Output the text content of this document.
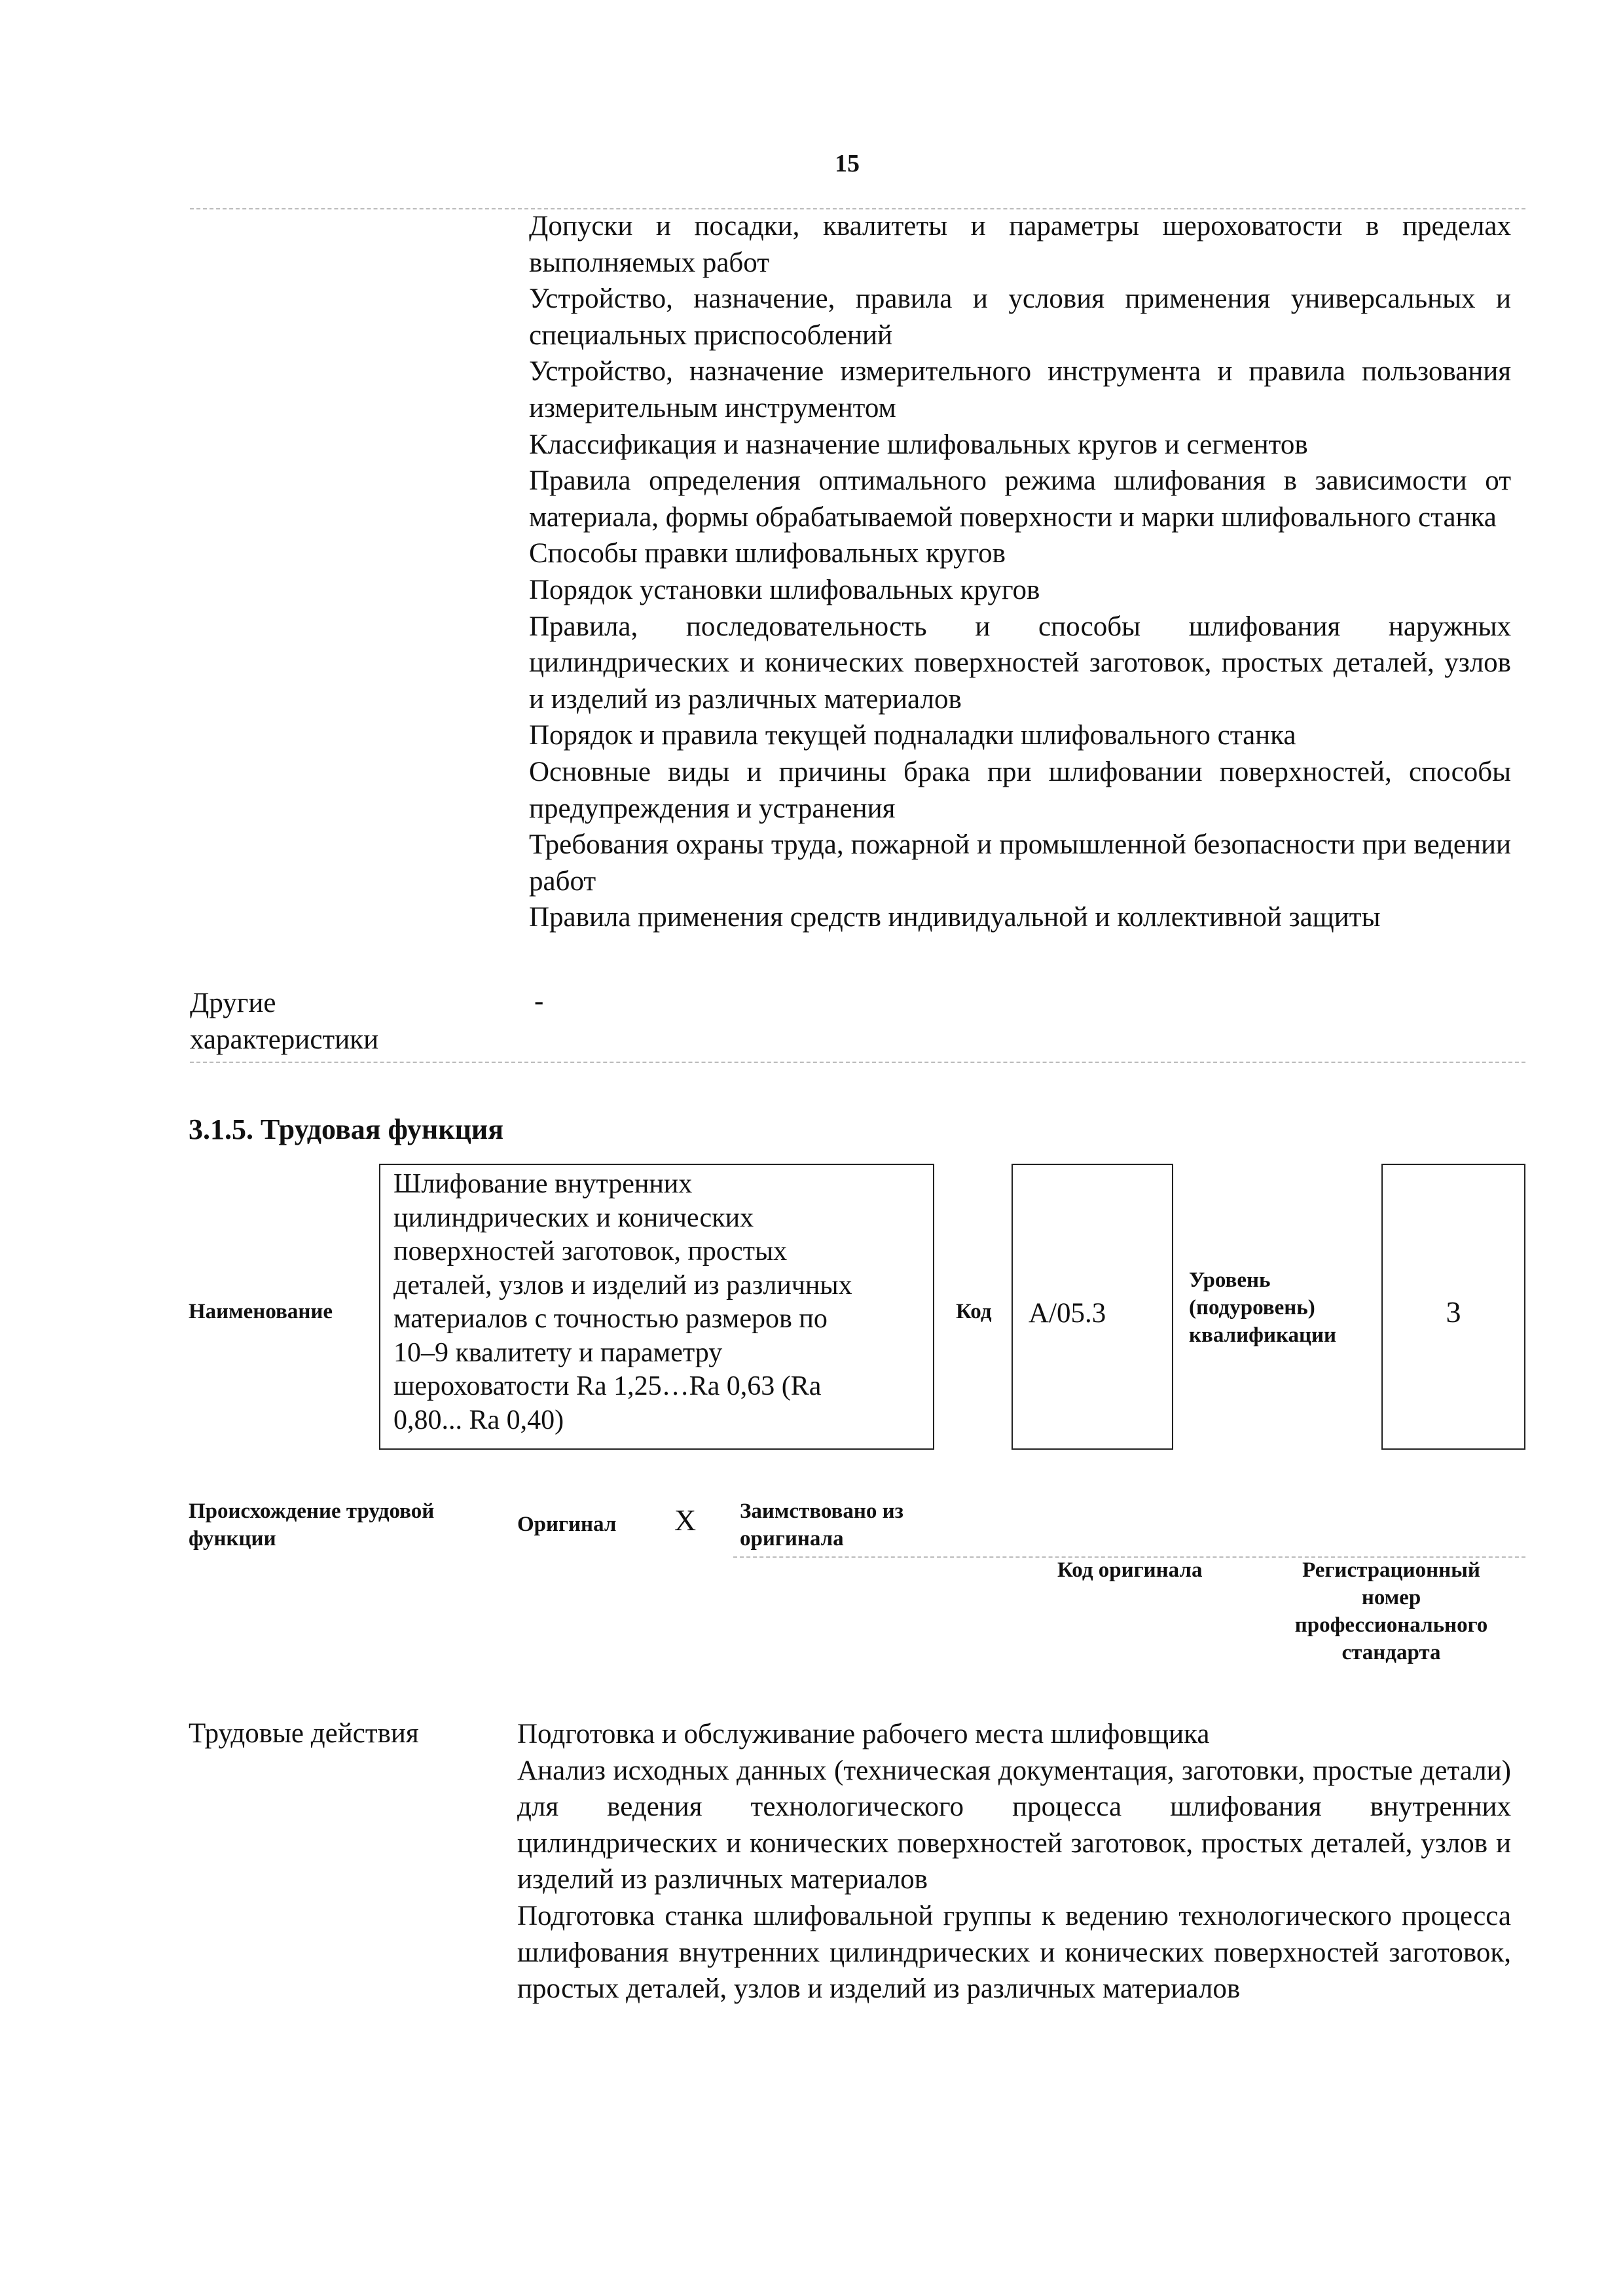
15
Допуски и посадки, квалитеты и параметры шероховатости в пределах выполняемых работ
Устройство, назначение, правила и условия применения универсальных и специальных приспособлений
Устройство, назначение измерительного инструмента и правила пользования измерительным инструментом
Классификация и назначение шлифовальных кругов и сегментов
Правила определения оптимального режима шлифования в зависимости от материала, формы обрабатываемой поверхности и марки шлифовального станка
Способы правки шлифовальных кругов
Порядок установки шлифовальных кругов
Правила, последовательность и способы шлифования наружных цилиндрических и конических поверхностей заготовок, простых деталей, узлов и изделий из различных материалов
Порядок и правила текущей подналадки шлифовального станка
Основные виды и причины брака при шлифовании поверхностей, способы предупреждения и устранения
Требования охраны труда, пожарной и промышленной безопасности при ведении работ
Правила применения средств индивидуальной и коллективной защиты
Другие
характеристики
-
3.1.5. Трудовая функция
Наименование
Шлифование внутренних
цилиндрических и конических
поверхностей заготовок, простых
деталей, узлов и изделий из различных
материалов с точностью размеров по
10–9 квалитету и параметру
шероховатости Ra 1,25…Ra 0,63 (Ra
0,80... Ra 0,40)
Код A/05.3
Уровень
(подуровень)
квалификации
3
Происхождение трудовой
функции
Оригинал X Заимствовано из
оригинала
Код оригинала	Регистрационный
номер
профессионального
стандарта
Трудовые действия	Подготовка и обслуживание рабочего места шлифовщика
Анализ исходных данных (техническая документация, заготовки, простые детали) для ведения технологического процесса шлифования внутренних цилиндрических и конических поверхностей заготовок, простых деталей, узлов и изделий из различных материалов
Подготовка станка шлифовальной группы к ведению технологического процесса шлифования внутренних цилиндрических и конических поверхностей заготовок, простых деталей, узлов и изделий из различных материалов
